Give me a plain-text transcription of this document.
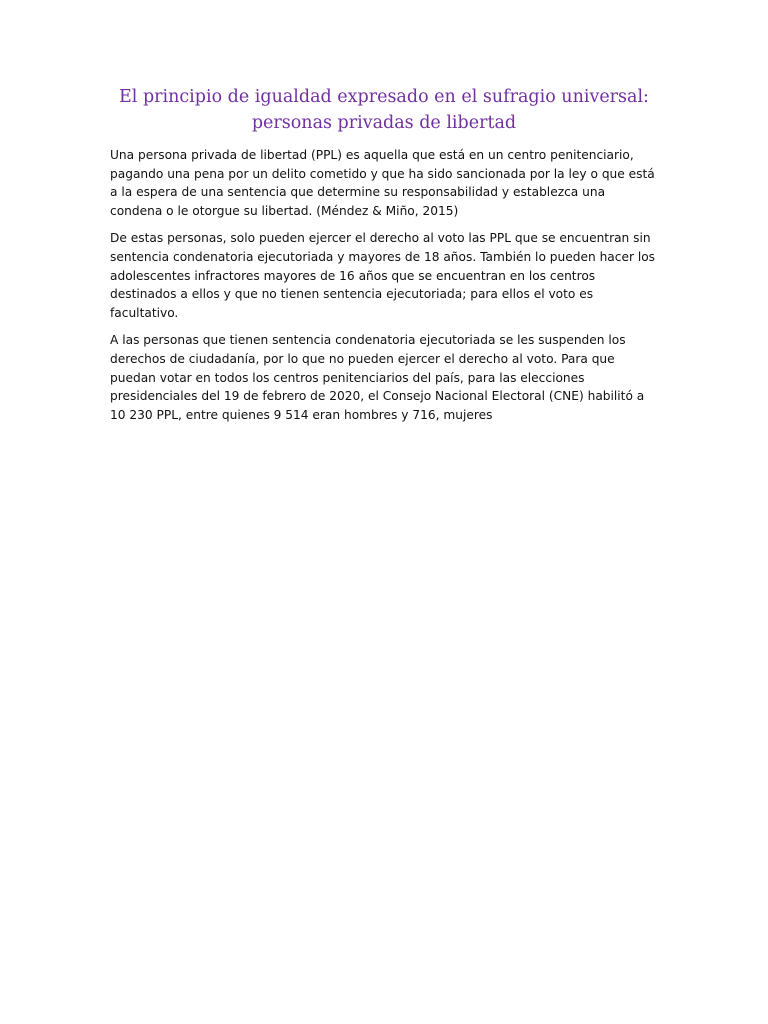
El principio de igualdad expresado en el sufragio universal:
personas privadas de libertad

Una persona privada de libertad (PPL) es aquella que está en un centro penitenciario, pagando una pena por un delito cometido y que ha sido sancionada por la ley o que está a la espera de una sentencia que determine su responsabilidad y establezca una condena o le otorgue su libertad. (Méndez & Miño, 2015)

De estas personas, solo pueden ejercer el derecho al voto las PPL que se encuentran sin sentencia condenatoria ejecutoriada y mayores de 18 años. También lo pueden hacer los adolescentes infractores mayores de 16 años que se encuentran en los centros destinados a ellos y que no tienen sentencia ejecutoriada; para ellos el voto es facultativo.

A las personas que tienen sentencia condenatoria ejecutoriada se les suspenden los derechos de ciudadanía, por lo que no pueden ejercer el derecho al voto. Para que puedan votar en todos los centros penitenciarios del país, para las elecciones presidenciales del 19 de febrero de 2020, el Consejo Nacional Electoral (CNE) habilitó a 10 230 PPL, entre quienes 9 514 eran hombres y 716, mujeres
